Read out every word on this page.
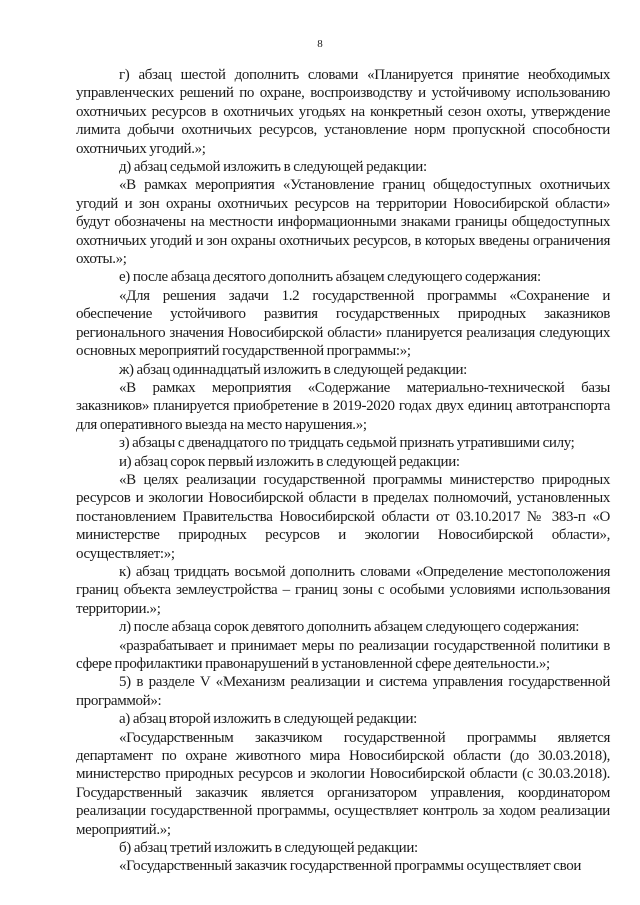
8

г) абзац шестой дополнить словами «Планируется принятие необходимых управленческих решений по охране, воспроизводству и устойчивому использованию охотничьих ресурсов в охотничьих угодьях на конкретный сезон охоты, утверждение лимита добычи охотничьих ресурсов, установление норм пропускной способности охотничьих угодий.»;

д) абзац седьмой изложить в следующей редакции:

«В рамках мероприятия «Установление границ общедоступных охотничьих угодий и зон охраны охотничьих ресурсов на территории Новосибирской области» будут обозначены на местности информационными знаками границы общедоступных охотничьих угодий и зон охраны охотничьих ресурсов, в которых введены ограничения охоты.»;

е) после абзаца десятого дополнить абзацем следующего содержания:

«Для решения задачи 1.2 государственной программы «Сохранение и обеспечение устойчивого развития государственных природных заказников регионального значения Новосибирской области» планируется реализация следующих основных мероприятий государственной программы:»;

ж) абзац одиннадцатый изложить в следующей редакции:

«В рамках мероприятия «Содержание материально-технической базы заказников» планируется приобретение в 2019-2020 годах двух единиц автотранспорта для оперативного выезда на место нарушения.»;

з) абзацы с двенадцатого по тридцать седьмой признать утратившими силу;

и) абзац сорок первый изложить в следующей редакции:

«В целях реализации государственной программы министерство природных ресурсов и экологии Новосибирской области в пределах полномочий, установленных постановлением Правительства Новосибирской области от 03.10.2017 № 383-п «О министерстве природных ресурсов и экологии Новосибирской области», осуществляет:»;

к) абзац тридцать восьмой дополнить словами «Определение местоположения границ объекта землеустройства – границ зоны с особыми условиями использования территории.»;

л) после абзаца сорок девятого дополнить абзацем следующего содержания:

«разрабатывает и принимает меры по реализации государственной политики в сфере профилактики правонарушений в установленной сфере деятельности.»;

5) в разделе V «Механизм реализации и система управления государственной программой»:

а) абзац второй изложить в следующей редакции:

«Государственным заказчиком государственной программы является департамент по охране животного мира Новосибирской области (до 30.03.2018), министерство природных ресурсов и экологии Новосибирской области (с 30.03.2018). Государственный заказчик является организатором управления, координатором реализации государственной программы, осуществляет контроль за ходом реализации мероприятий.»;

б) абзац третий изложить в следующей редакции:

«Государственный заказчик государственной программы осуществляет свои
